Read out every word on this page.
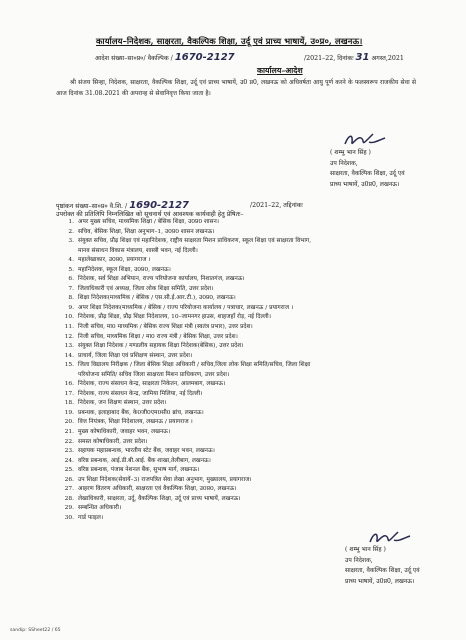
कार्यालय–निदेशक, साक्षरता, वैकल्पिक शिक्षा, उर्दू एवं प्राच्य भाषायें, उ०प्र०, लखनऊ।
आदेश संख्या–सा०प्र०/ वैकल्पिक / 1670-2127	/2021–22, दिनांकः 31 अगस्त,2021
कार्यालय–आदेश
श्री संजय सिन्हा, निदेशक, साक्षरता, वैकल्पिक शिक्षा, उर्दू एवं प्राच्य भाषायें, उ0 प्र0, लखनऊ को अधिवर्षता आयु पूर्ण करने के फलस्वरूप राजकीय सेवा से आज दिनांक 31.08.2021 की अपरान्ह से सेवानिवृत्त किया जाता है।
( शम्भु भान सिंह )
उप निदेशक,
साक्षरता, वैकल्पिक शिक्षा, उर्दू एवं
प्राच्य भाषायें, उ0प्र0, लखनऊ।
पृष्ठांकन संख्या–सा०प्र० वै.शि. / 1690-2127	/2021–22, तद्दिनांकः
उपरोक्त की प्रतिलिपि निम्नलिखित को सूचनार्थ एवं आवश्यक कार्यवाही हेतु प्रेषितः–
1. अपर मुख्य सचिव, माध्यमिक शिक्षा / बेसिक शिक्षा, उ0प्र0 शासन।
2. सचिव, बेसिक शिक्षा, शिक्षा अनुभाग–1, उ0प्र0 शासन लखनऊ।
3. संयुक्त सचिव, प्रौढ़ शिक्षा एवं महानिदेशक, राष्ट्रीय साक्षरता मिशन प्राधिकरण, स्कूल शिक्षा एवं साक्षरता विभाग,
मानव संसाधन विकास मंत्रालय, शास्त्री भवन, नई दिल्ली।
4. महालेखाकार, उ0प्र0, प्रयागराज ।
5. महानिदेशक, स्कूल शिक्षा, उ0प्र0, लखनऊ।
6. निदेशक, सर्व शिक्षा अभियान, राज्य परियोजना कार्यालय, निशातगंज, लखनऊ।
7. जिलाधिकारी एवं अध्यक्ष, जिला लोक शिक्षा समिति, उत्तर प्रदेश।
8. शिक्षा निदेशक(माध्यमिक / बेसिक / एस.सी.ई.आर.टी.), उ0प्र0, लखनऊ।
9. अपर शिक्षा निदेशक(माध्यमिक / बेसिक / राज्य परियोजना कार्यालय / पत्राचार, लखनऊ / प्रयागराज ।
10. निदेशक, प्रौढ़ शिक्षा, प्रौढ़ शिक्षा निदेशालय, 10–जामनगर हाउस, शाहजहाँ रोड़, नई दिल्ली।
11. निजी सचिव, मा0 माध्यमिक / बेसिक राज्य शिक्षा मंत्री (स्वतंत्र प्रभार), उत्तर प्रदेश।
12. निजी सचिव, माध्यमिक शिक्षा / मा0 राज्य मंत्री / बेसिक शिक्षा, उत्तर प्रदेश।
13. संयुक्त शिक्षा निदेशक / मण्डलीय सहायक शिक्षा निदेशक(बेसिक), उत्तर प्रदेश।
14. प्राचार्य, जिला शिक्षा एवं प्रशिक्षण संस्थान, उत्तर प्रदेश।
15. जिला विद्यालय निरीक्षक / जिला बेसिक शिक्षा अधिकारी / सचिव,जिला लोक शिक्षा समिति/सचिव, जिला शिक्षा
परियोजना समिति/ सचिव जिला साक्षरता मिशन प्राधिकरण, उत्तर प्रदेश।
16. निदेशक, राज्य संसाधन केन्द्र, साक्षरता निकेतन, आलमबाग, लखनऊ।
17. निदेशक, राज्य संसाधन केन्द्र, जामिया मिलिया, नई दिल्ली।
18. निदेशक, जन शिक्षण संस्थान, उत्तर प्रदेश।
19. प्रबन्धक, इलाहाबाद बैंक, के0जी0एम0सी0 ब्रांच, लखनऊ।
20. वित्त नियंत्रक, शिक्षा निदेशालय, लखनऊ / प्रयागराज ।
21. मुख्य कोषाधिकारी, जवाहर भवन, लखनऊ।
22. समस्त कोषाधिकारी, उत्तर प्रदेश।
23. सहायक महाप्रबन्धक, भारतीय स्टेट बैंक, जवाहर भवन, लखनऊ।
24. वरिष्ठ प्रबन्धक, आई.डी.बी.आई. बैंक शाखा,तेलीबाग, लखनऊ।
25. वरिष्ठ प्रबन्धक, पंजाब नेशनल बैंक, सुभाष मार्ग, लखनऊ।
26. उप शिक्षा निदेशक(सेवायें–3) राजपत्रित सेवा लेखा अनुभाग, मुख्यालय, प्रयागराज।
27. आहरण वितरण अधिकारी, साक्षरता एवं वैकल्पिक शिक्षा, उ0प्र0, लखनऊ।
28. लेखाधिकारी, साक्षरता, उर्दू, वैकल्पिक शिक्षा, उर्दू एवं प्राच्य भाषायें, लखनऊ।
29. सम्बन्धित अधिकारी।
30. गार्ड फाइल।
( शम्भु भान सिंह )
उप निदेशक,
साक्षरता, वैकल्पिक शिक्षा, उर्दू एवं
प्राच्य भाषायें, उ0प्र0, लखनऊ।
sandip: SSheet22 / 65
